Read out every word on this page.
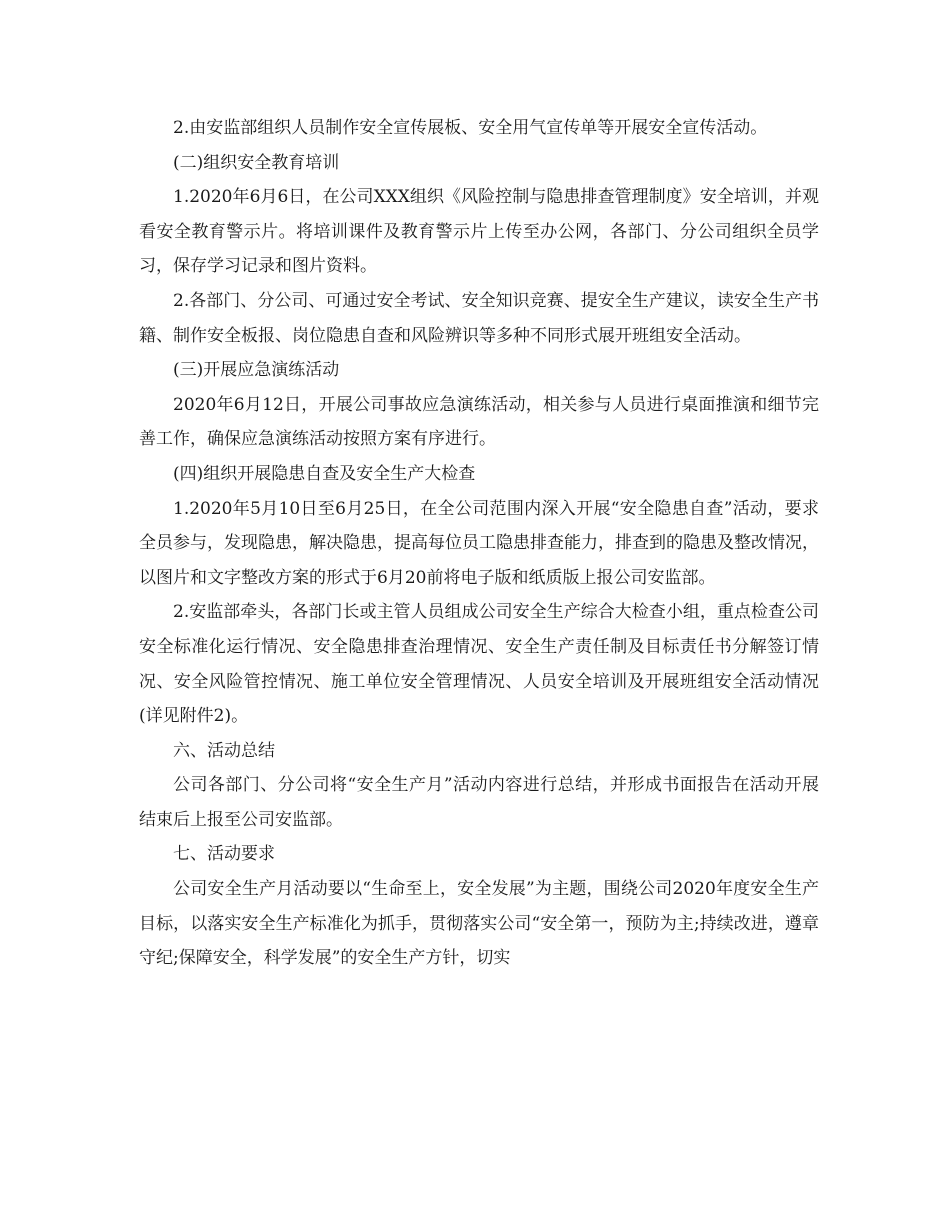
2.由安监部组织人员制作安全宣传展板、安全用气宣传单等开展安全宣传活动。

(二)组织安全教育培训

1.2020年6月6日，在公司XXX组织《风险控制与隐患排查管理制度》安全培训，并观看安全教育警示片。将培训课件及教育警示片上传至办公网，各部门、分公司组织全员学习，保存学习记录和图片资料。

2.各部门、分公司、可通过安全考试、安全知识竞赛、提安全生产建议，读安全生产书籍、制作安全板报、岗位隐患自查和风险辨识等多种不同形式展开班组安全活动。

(三)开展应急演练活动

2020年6月12日，开展公司事故应急演练活动，相关参与人员进行桌面推演和细节完善工作，确保应急演练活动按照方案有序进行。

(四)组织开展隐患自查及安全生产大检查

1.2020年5月10日至6月25日，在全公司范围内深入开展“安全隐患自查”活动，要求全员参与，发现隐患，解决隐患，提高每位员工隐患排查能力，排查到的隐患及整改情况，以图片和文字整改方案的形式于6月20前将电子版和纸质版上报公司安监部。

2.安监部牵头，各部门长或主管人员组成公司安全生产综合大检查小组，重点检查公司安全标准化运行情况、安全隐患排查治理情况、安全生产责任制及目标责任书分解签订情况、安全风险管控情况、施工单位安全管理情况、人员安全培训及开展班组安全活动情况(详见附件2)。

六、活动总结

公司各部门、分公司将“安全生产月”活动内容进行总结，并形成书面报告在活动开展结束后上报至公司安监部。

七、活动要求

公司安全生产月活动要以“生命至上，安全发展”为主题，围绕公司2020年度安全生产目标，以落实安全生产标准化为抓手，贯彻落实公司“安全第一，预防为主;持续改进，遵章守纪;保障安全，科学发展”的安全生产方针，切实
